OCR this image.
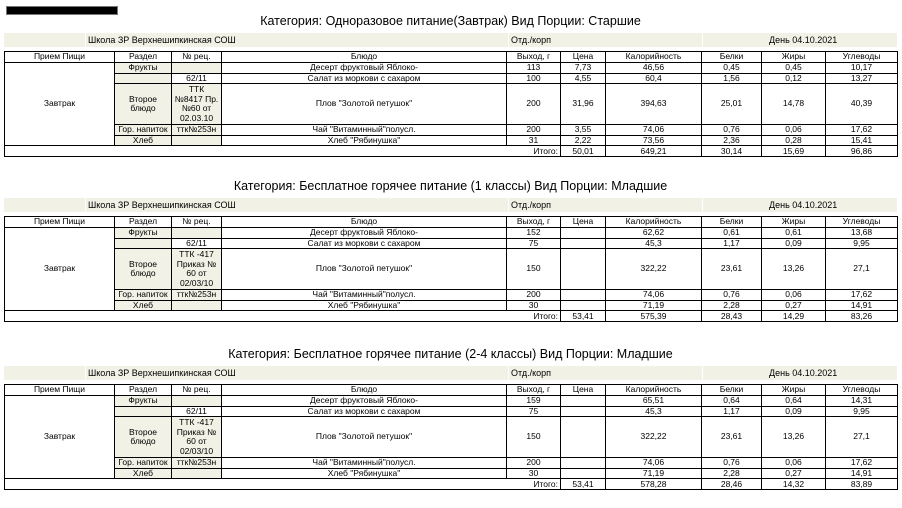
Категория: Одноразовое питание(Завтрак) Вид Порции: Старшие
Школа ЗР Верхнешипкинская СОШ	Отд./корп	День 04.10.2021
Прием Пищи	Раздел	№ рец.	Блюдо	Выход, г	Цена	Калорийность	Белки	Жиры	Углеводы
Завтрак	Фрукты		Десерт фруктовый Яблоко-	113	7,73	46,56	0,45	0,45	10,17
		62/11	Салат из моркови с сахаром	100	4,55	60,4	1,56	0,12	13,27
	Второе блюдо	ТТК №8417 Пр.№60 от 02.03.10	Плов "Золотой петушок"	200	31,96	394,63	25,01	14,78	40,39
	Гор. напиток	ттк№253н	Чай "Витаминный"полусл.	200	3,55	74,06	0,76	0,06	17,62
	Хлеб		Хлеб "Рябинушка"	31	2,22	73,56	2,36	0,28	15,41
Итого:					50,01	649,21	30,14	15,69	96,86
Категория: Бесплатное горячее питание (1 классы) Вид Порции: Младшие
Школа ЗР Верхнешипкинская СОШ	Отд./корп	День 04.10.2021
Прием Пищи	Раздел	№ рец.	Блюдо	Выход, г	Цена	Калорийность	Белки	Жиры	Углеводы
Завтрак	Фрукты		Десерт фруктовый Яблоко-	152		62,62	0,61	0,61	13,68
		62/11	Салат из моркови с сахаром	75		45,3	1,17	0,09	9,95
	Второе блюдо	ТТК -417 Приказ № 60 от 02/03/10	Плов "Золотой петушок"	150		322,22	23,61	13,26	27,1
	Гор. напиток	ттк№253н	Чай "Витаминный"полусл.	200		74,06	0,76	0,06	17,62
	Хлеб		Хлеб "Рябинушка"	30		71,19	2,28	0,27	14,91
Итого:					53,41	575,39	28,43	14,29	83,26
Категория: Бесплатное горячее питание (2-4 классы) Вид Порции: Младшие
Школа ЗР Верхнешипкинская СОШ	Отд./корп	День 04.10.2021
Прием Пищи	Раздел	№ рец.	Блюдо	Выход, г	Цена	Калорийность	Белки	Жиры	Углеводы
Завтрак	Фрукты		Десерт фруктовый Яблоко-	159		65,51	0,64	0,64	14,31
		62/11	Салат из моркови с сахаром	75		45,3	1,17	0,09	9,95
	Второе блюдо	ТТК -417 Приказ № 60 от 02/03/10	Плов "Золотой петушок"	150		322,22	23,61	13,26	27,1
	Гор. напиток	ттк№253н	Чай "Витаминный"полусл.	200		74,06	0,76	0,06	17,62
	Хлеб		Хлеб "Рябинушка"	30		71,19	2,28	0,27	14,91
Итого:					53,41	578,28	28,46	14,32	83,89
